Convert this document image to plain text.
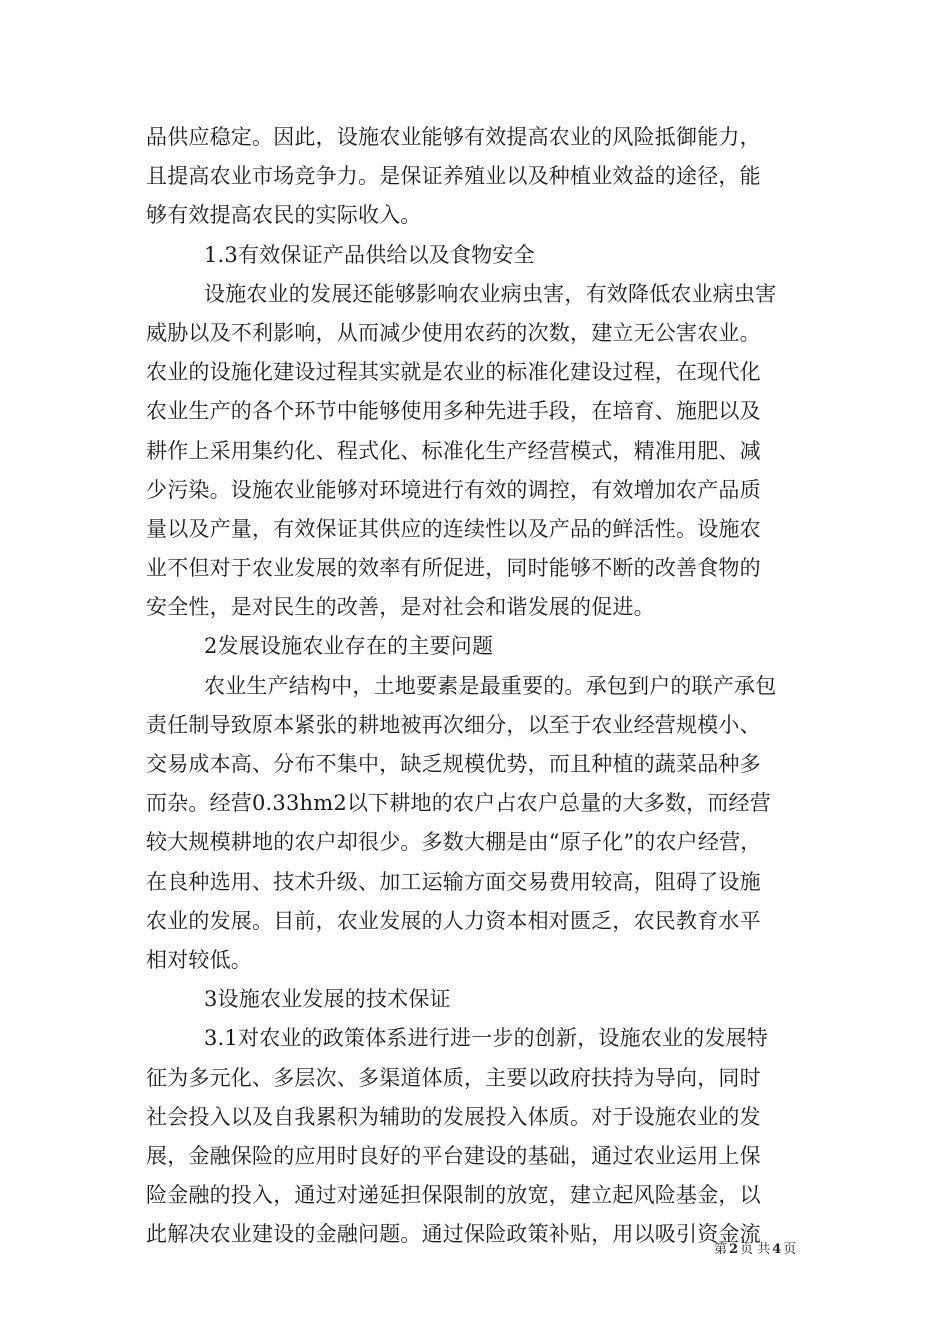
品供应稳定。因此，设施农业能够有效提高农业的风险抵御能力，
且提高农业市场竞争力。是保证养殖业以及种植业效益的途径，能
够有效提高农民的实际收入。
1.3有效保证产品供给以及食物安全
设施农业的发展还能够影响农业病虫害，有效降低农业病虫害
威胁以及不利影响，从而减少使用农药的次数，建立无公害农业。
农业的设施化建设过程其实就是农业的标准化建设过程，在现代化
农业生产的各个环节中能够使用多种先进手段，在培育、施肥以及
耕作上采用集约化、程式化、标准化生产经营模式，精准用肥、减
少污染。设施农业能够对环境进行有效的调控，有效增加农产品质
量以及产量，有效保证其供应的连续性以及产品的鲜活性。设施农
业不但对于农业发展的效率有所促进，同时能够不断的改善食物的
安全性，是对民生的改善，是对社会和谐发展的促进。
2发展设施农业存在的主要问题
农业生产结构中，土地要素是最重要的。承包到户的联产承包
责任制导致原本紧张的耕地被再次细分，以至于农业经营规模小、
交易成本高、分布不集中，缺乏规模优势，而且种植的蔬菜品种多
而杂。经营0.33hm2以下耕地的农户占农户总量的大多数，而经营
较大规模耕地的农户却很少。多数大棚是由“原子化”的农户经营，
在良种选用、技术升级、加工运输方面交易费用较高，阻碍了设施
农业的发展。目前，农业发展的人力资本相对匮乏，农民教育水平
相对较低。
3设施农业发展的技术保证
3.1对农业的政策体系进行进一步的创新，设施农业的发展特
征为多元化、多层次、多渠道体质，主要以政府扶持为导向，同时
社会投入以及自我累积为辅助的发展投入体质。对于设施农业的发
展，金融保险的应用时良好的平台建设的基础，通过农业运用上保
险金融的投入，通过对递延担保限制的放宽，建立起风险基金，以
此解决农业建设的金融问题。通过保险政策补贴，用以吸引资金流
第 2 页 共 4 页
